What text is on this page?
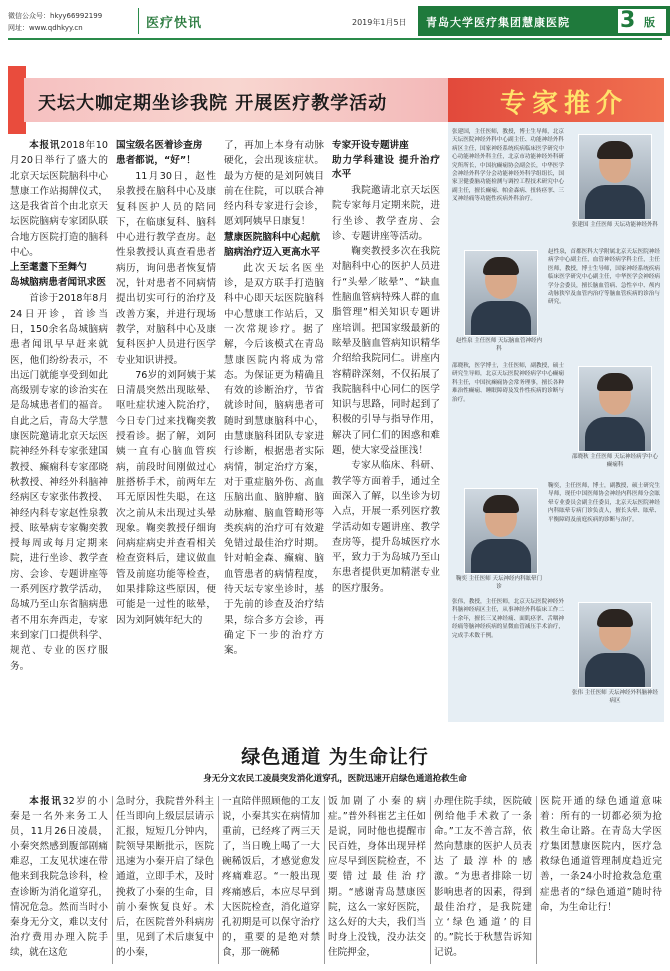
微信公众号：hkyy66992199
网址：www.qdhkyy.cn	医疗快讯	2019年1月5日 青岛大学医疗集团慧康医院 3 版
天坛大咖定期坐诊我院 开展医疗教学活动

本报讯2018年10月20日举行了盛大的北京天坛医院脑科中心慧康工作站揭牌仪式，这是我省首个由北京天坛医院脑病专家团队联合地方医院打造的脑科中心。

上至耄耋下至舞勺

岛城脑病患者闻讯求医

首诊于2018年8月24日开诊，首诊当日，150余名岛城脑病患者闻讯早早赶来就医，他们纷纷表示，不出远门就能享受到如此高级别专家的诊治实在是岛城患者们的福音。自此之后，青岛大学慧康医院邀请北京天坛医院神经外科专家张建国教授、癫痫科专家邵晓秋教授、神经外科脑神经病区专家张伟教授、神经内科专家赵性泉教授、眩晕病专家鞠奕教授每周或每月定期来院，进行坐诊、教学查房、会诊、专题讲座等一系列医疗教学活动，岛城乃至山东省脑病患者不用东奔西走，专家来到家门口提供科学、规范、专业的医疗服务。

国宝级名医着诊查房

患者都说，“好”！

11月30日，赵性泉教授在脑科中心及康复科医护人员的陪同下，在临康复科、脑科中心进行教学查房。赵性泉教授认真查看患者病历，询问患者恢复情况，针对患者不同病情提出切实可行的治疗及改善方案，并进行现场教学，对脑科中心及康复科医护人员进行医学专业知识讲授。

76岁的刘阿姨于某日清晨突然出现眩晕、呕吐症状速入院治疗，今日专门过来找鞠奕教授看诊。据了解，刘阿姨一直有心脑血管疾病，前段时间刚做过心脏搭桥手术，前两年左耳无原因性失聪，在这次之前从未出现过头晕现象。鞠奕教授仔细询问病症病史并查看相关检查资料后，建议做血管及前庭功能等检查，如果排除这些原因，便可能是一过性的眩晕，因为刘阿姨年纪大的

了，再加上本身有动脉硬化，会出现该症状。最为方便的是刘阿姨目前在住院，可以联合神经内科专家进行会诊，愿刘阿姨早日康复！

慧康医院脑科中心起航

脑病治疗迈入更高水平

此次天坛名医坐诊，是双方联手打造脑科中心即天坛医院脑科中心慧康工作站后，又一次常规诊疗。据了解，今后该模式在青岛慧康医院内将成为常态。为保证更为精确且有效的诊断治疗，节省就诊时间，脑病患者可随时到慧康脑科中心，由慧康脑科团队专家进行诊断，根据患者实际病情，制定治疗方案，对于重症脑外伤、高血压脑出血、脑肿瘤、脑动脉瘤、脑血管畸形等类疾病的治疗可有效避免错过最佳治疗时期。针对帕金森、癫痫、脑血管患者的病情程度，待天坛专家坐诊时，基于先前的诊查及治疗结果，综合多方会诊，再确定下一步的治疗方案。

专家开设专题讲座

助力学科建设 提升治疗水平

我院邀请北京天坛医院专家每月定期来院，进行坐诊、教学查房、会诊、专题讲座等活动。

鞠奕教授多次在我院对脑科中心的医护人员进行“头晕／眩晕”、“缺血性脑血管病特殊人群的血脂管理”相关知识专题讲座培训。把国家级最新的眩晕及脑血管病知识精华介绍给我院同仁。讲座内容精辟深刻，不仅拓展了我院脑科中心同仁的医学知识与思路，同时起到了积极的引导与指导作用，解决了同仁们的困惑和难题，使大家受益匪浅！

专家从临床、科研、教学等方面着手，通过全面深入了解，以坐诊为切入点，开展一系列医疗教学活动如专题讲座、教学查房等，提升岛城医疗水平，致力于为岛城乃至山东患者提供更加精湛专业的医疗服务。

专家推介
张建国，主任医师，教授，博士生导师，北京天坛医院神经外科中心副主任、功能神经外科病区主任，国家神经系统疾病临床医学研究中心功能神经外科主任，北京市功能神经外科研究所所长，中国抗癫痫协会副会长，中华医学会神经外科学分会功能神经外科学组组长，国家卫健委脑功能检测与调控工程技术研究中心副主任，擅长癫痫、帕金森病、扭转痉挛、三叉神经痛等功能性疾病外科治疗。
张建国 主任医师 天坛功能神经外科
赵性泉 主任医师 天坛脑血管神经内科
赵性泉，首都医科大学附属北京天坛医院神经病学中心副主任，血管神经病学科主任，主任医师，教授，博士生导师，国家神经系统疾病临床医学研究中心副主任，中华医学会神经病学分会委员，擅长脑血管病、急性卒中、颅内动脉狭窄及血管内治疗等脑血管疾病的诊治与研究。
邵晓秋，医学博士，主任医师，副教授，硕士研究生导师，北京天坛医院神经病学中心癫痫科主任，中国抗癫痫协会常务理事，擅长各种难治性癫痫、睡眠障碍及发作性疾病的诊断与治疗。
邵晓秋 主任医师 天坛神经病学中心癫痫科
鞠奕 主任医师 天坛神经内科眩晕门诊
鞠奕，主任医师，博士，副教授，硕士研究生导师，现任中国医师协会神经内科医师分会眩晕专业委员会副主任委员，北京天坛医院神经内科眩晕专病门诊负责人，擅长头晕、眩晕、平衡障碍及前庭疾病的诊断与治疗。
张伟，教授，主任医师，北京天坛医院神经外科脑神经病区主任，从事神经外科临床工作二十余年，擅长三叉神经痛、面肌痉挛、舌咽神经痛等脑神经疾病的显微血管减压手术治疗，完成手术数千例。
张伟 主任医师 天坛神经外科脑神经病区
绿色通道 为生命让行
身无分文农民工凌晨突发消化道穿孔，医院迅速开启绿色通道抢救生命

本报讯32岁的小秦是一名外来务工人员，11月26日凌晨，小秦突然感到腹部剧痛难忍，工友见状速在带他来到我院急诊科，检查诊断为消化道穿孔，情况危急。然而当时小秦身无分文，难以支付治疗费用办理入院手续，就在这危

急时分，我院普外科主任当即向上级层层请示汇报，短短几分钟内，院领导果断批示，医院迅速为小秦开启了绿色通道，立即手术，及时挽救了小秦的生命，目前小秦恢复良好。术后，在医院普外科病房里，见到了术后康复中的小秦，

一直陪伴照顾他的工友说，小秦其实在病情加重前，已经疼了两三天了，当日晚上喝了一大碗稀饭后，才感觉愈发疼痛难忍。“一般出现疼痛感后，本应尽早到大医院检查，消化道穿孔初期是可以保守治疗的，重要的是绝对禁食，那一碗稀

饭加剧了小秦的病症。”普外科崔艺主任如是说，同时他也提醒市民百姓，身体出现异样应尽早到医院检查，不要错过最佳治疗期。“感谢青岛慧康医院，这么一家好医院，这么好的大夫，我们当时身上没钱，没办法交住院押金，

办理住院手续，医院破例给他手术救了一条命。”工友不善言辞，依然向慧康的医护人员表达了最淳朴的感激。“为患者排除一切影响患者的因素，得到最佳治疗，是我院建立‘绿色通道’的目的。”院长于秋慧告诉知记说。

医院开通的绿色通道意味着：所有的一切都必须为抢救生命让路。在青岛大学医疗集团慧康医院内，医疗急救绿色通道管理制度趋近完善，一条24小时抢救急危重症患者的“绿色通道”随时待命，为生命让行！
